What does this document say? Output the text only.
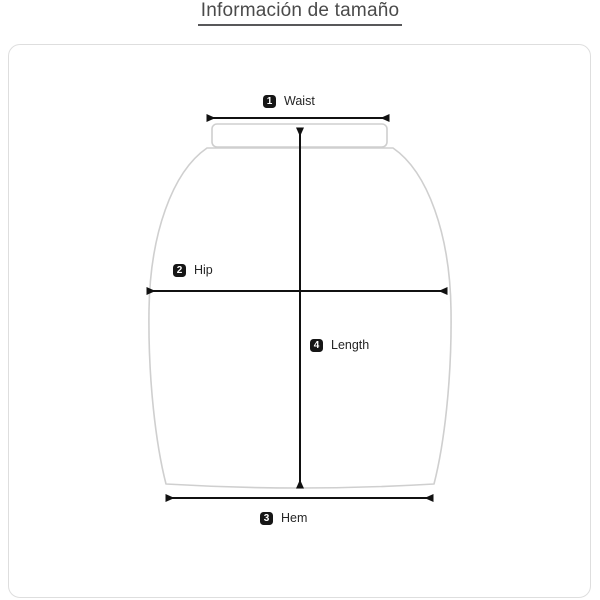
Información de tamaño
1 Waist
2 Hip
3 Hem
4 Length
